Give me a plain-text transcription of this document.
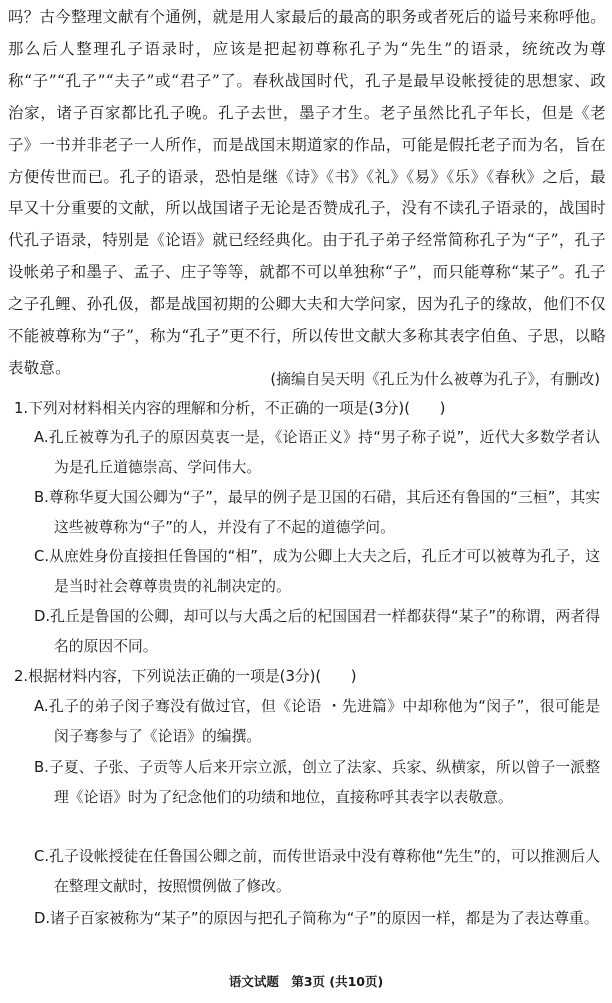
吗？古今整理文献有个通例，就是用人家最后的最高的职务或者死后的谥号来称呼他。那么后人整理孔子语录时，应该是把起初尊称孔子为“先生”的语录，统统改为尊称“子”“孔子”“夫子”或“君子”了。春秋战国时代，孔子是最早设帐授徒的思想家、政治家，诸子百家都比孔子晚。孔子去世，墨子才生。老子虽然比孔子年长，但是《老子》一书并非老子一人所作，而是战国末期道家的作品，可能是假托老子而为名，旨在方便传世而已。孔子的语录，恐怕是继《诗》《书》《礼》《易》《乐》《春秋》之后，最早又十分重要的文献，所以战国诸子无论是否赞成孔子，没有不读孔子语录的，战国时代孔子语录，特别是《论语》就已经经典化。由于孔子弟子经常简称孔子为“子”，孔子设帐弟子和墨子、孟子、庄子等等，就都不可以单独称“子”，而只能尊称“某子”。孔子之子孔鲤、孙孔伋，都是战国初期的公卿大夫和大学问家，因为孔子的缘故，他们不仅不能被尊称为“子”，称为“孔子”更不行，所以传世文献大多称其表字伯鱼、子思，以略表敬意。

(摘编自吴天明《孔丘为什么被尊为孔子》，有删改)

1.下列对材料相关内容的理解和分析，不正确的一项是(3分)(　　)

A.孔丘被尊为孔子的原因莫衷一是，《论语正义》持“男子称子说”，近代大多数学者认为是孔丘道德崇高、学问伟大。

B.尊称华夏大国公卿为“子”，最早的例子是卫国的石碏，其后还有鲁国的“三桓”，其实这些被尊称为“子”的人，并没有了不起的道德学问。

C.从庶姓身份直接担任鲁国的“相”，成为公卿上大夫之后，孔丘才可以被尊为孔子，这是当时社会尊尊贵贵的礼制决定的。

D.孔丘是鲁国的公卿，却可以与大禹之后的杞国国君一样都获得“某子”的称谓，两者得名的原因不同。

2.根据材料内容，下列说法正确的一项是(3分)(　　)

A.孔子的弟子闵子骞没有做过官，但《论语 ・先进篇》中却称他为“闵子”，很可能是闵子骞参与了《论语》的编撰。

B.子夏、子张、子贡等人后来开宗立派，创立了法家、兵家、纵横家，所以曾子一派整理《论语》时为了纪念他们的功绩和地位，直接称呼其表字以表敬意。

C.孔子设帐授徒在任鲁国公卿之前，而传世语录中没有尊称他“先生”的，可以推测后人在整理文献时，按照惯例做了修改。

D.诸子百家被称为“某子”的原因与把孔子简称为“子”的原因一样，都是为了表达尊重。

语文试题　第3页 (共10页)
